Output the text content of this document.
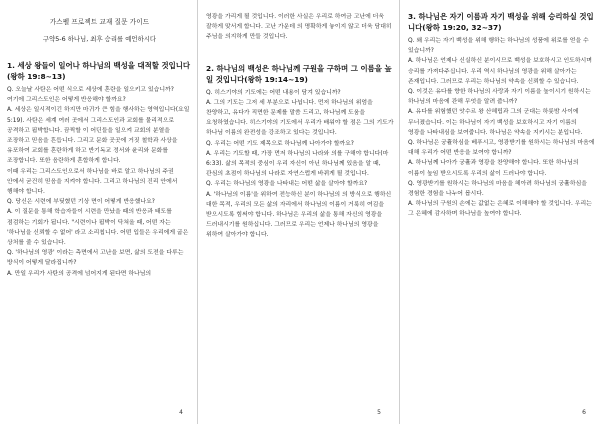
가스펠 프로젝트 교재 질문 가이드
구약5-6 하나님, 최후 승리를 예언하시다
1. 세상 왕들이 일어나 하나님의 백성을 대적할 것입니다(왕하 19:8~13)
Q. 오늘날 사탄은 어떤 식으로 세상에 혼란을 일으키고 있습니까? 여기에 그리스도인은 어떻게 반응해야 할까요?
A. 세상은 일시적이긴 하지만 마귀가 큰 힘을 행사하는 영역입니다(요일 5:19). 사탄은 세계 여러 곳에서 그리스도인과 교회를 물리적으로 공격하고 핍박합니다. 끔찍할 이 어딘들을 일으켜 교회의 분열을 조장하고 믿음을 흔듭니다. 그리고 문화 곳곳에 거짓 철학과 사상을 유포하여 교회를 혼란하게 하고 반기독교 정서와 윤리와 문화를 조장합니다. 또한 음란하게 혼합하게 합니다.
이때 우리는 그리스도인으로서 하나님을 바로 알고 하나님의 주권 안에서 굳건히 믿음을 지켜야 합니다. 그리고 하나님의 진리 안에서 행해야 합니다.
Q. 당신은 시련에 부딪혔던 기상 면이 어떻게 반응했나요?
A. 이 질문을 통해 학습자들이 시련을 만났을 때의 반응과 태도를 점검하는 기회가 됩니다. "시련이나 핍박이 닥쳐올 때, 어떤 자는 '하나님을 신뢰할 수 없어' 라고 소리칩니다. 어떤 입들은 우리에게 굽은 상처를 줄 수 있습니다.
Q. '하나님의 영광' 이라는 측면에서 고난을 보면, 삶의 도전을 다루는 방식이 어떻게 달라집니까?
A. 만일 우리가 사탄의 공격에 넘어지게 된다면 하나님의
4
영광을 가리게 될 것입니다. 이러한 사실은 우리로 하여금 고난에 더욱 잘하게 맞서게 합니다. 고난 가운데 의 명확하게 놓이지 않고 더욱 담대히 주님을 의지하게 만들 것입니다.
2. 하나님의 백성은 하나님께 구원을 구하며 그 이름을 높일 것입니다(왕하 19:14~19)
Q. 히스기야의 기도에는 어떤 내용이 담겨 있습니까?
A. 그의 기도는 그저 세 부분으로 나뉩니다. 먼저 하나님의 위엄을 찬양하고, 유다가 직면한 문제를 말씀 드리고, 하나님께 도움을 요청하였습니다. 히스기야의 기도에서 우리가 배워야 할 점은 그의 기도가 하나님 이름의 완전성을 강조하고 있다는 것입니다.
Q. 우리는 어떤 기도 제목으로 하나님께 나아가야 할까요?
A. 우리는 기도할 때, 가장 먼저 하나님의 나라와 의를 구해야 합니다(마 6:33). 삶의 목적의 중심이 우리 자신이 아닌 하나님께 있음을 알 때, 관심의 초점이 하나님의 나라로 자연스럽게 바뀌게 될 것입니다.
Q. 우리는 하나님의 영광을 나타내는 어떤 삶을 살아야 할까요?
A. '하나님의 이름'을 위하여 전능하신 분이 하나님의 의 방식으로 행하신 대한 목적, 우리의 모든 삶의 자리에서 하나님의 이름이 거룩히 여김을 받으시도록 힘써야 합니다. 하나님은 우리의 삶을 통해 자신의 영광을 드러내시기를 원하십니다. 그러므로 우리는 언제나 하나님의 영광을 위하여 살아가야 합니다.
5
3. 하나님은 자기 이름과 자기 백성을 위해 승리하실 것입니다(왕하 19:20, 32~37)
Q. 왜 우리는 자기 백성을 위해 행하는 하나님의 성품에 위로를 얻을 수 있습니까?
A. 하나님은 언제나 신실하신 분이시므로 백성을 보호하시고 인도하시며 승리를 가져다주십니다. 우리 역시 하나님의 영광을 위해 살아가는 존재입니다. 그러므로 우리는 하나님의 약속을 신뢰할 수 있습니다.
Q. 이것은 유다를 향한 하나님의 사랑과 자기 이름을 높이시기 원하시는 하나님의 마음에 관해 무엇을 알려 줍니까?
A. 유다를 위험했던 앗수르 왕 산헤립과 그의 군대는 하룻밤 사이에 무너졌습니다. 이는 하나님이 자기 백성을 보호하시고 자기 이름의 영광을 나타내심을 보여줍니다. 하나님은 약속을 지키시는 분입니다.
Q. 하나님은 궁휼하심을 베푸시고, 영광받기를 원하시는 하나님의 마음에 대해 우리가 어떤 반응을 보여야 합니까?
A. 하나님께 나아가 궁휼과 영광을 찬양해야 합니다. 또한 하나님의 이름이 높임 받으시도록 우리의 삶이 드러나야 합니다.
Q. 영광받기를 원하시는 하나님의 마음을 헤아려 하나님의 궁휼하심을 경험한 경험을 나누어 봅시다.
A. 하나님의 구원의 손에는 값없는 은혜로 이해해야 할 것입니다. 우리는 그 은혜에 감사하며 하나님을 높여야 합니다.
6
